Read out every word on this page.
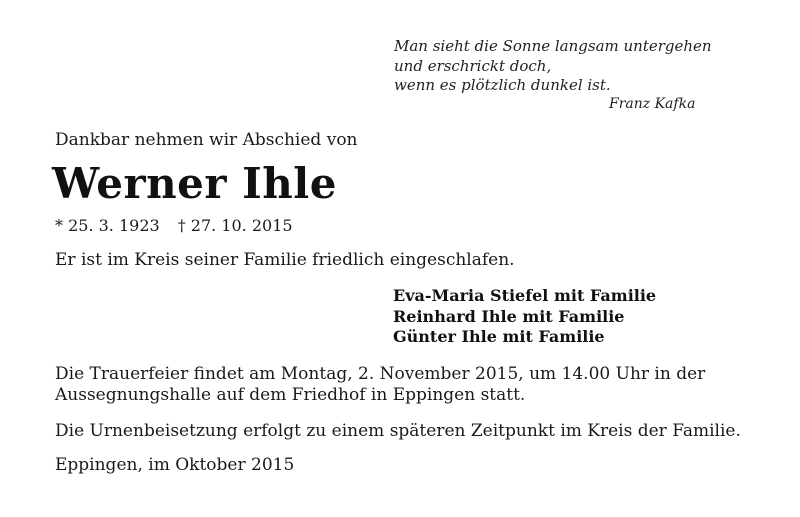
Man sieht die Sonne langsam untergehen
und erschrickt doch,
wenn es plötzlich dunkel ist.
Franz Kafka
Dankbar nehmen wir Abschied von
Werner Ihle
* 25. 3. 1923 † 27. 10. 2015
Er ist im Kreis seiner Familie friedlich eingeschlafen.
Eva-Maria Stiefel mit Familie
Reinhard Ihle mit Familie
Günter Ihle mit Familie
Die Trauerfeier findet am Montag, 2. November 2015, um 14.00 Uhr in der
Aussegnungshalle auf dem Friedhof in Eppingen statt.
Die Urnenbeisetzung erfolgt zu einem späteren Zeitpunkt im Kreis der Familie.
Eppingen, im Oktober 2015
